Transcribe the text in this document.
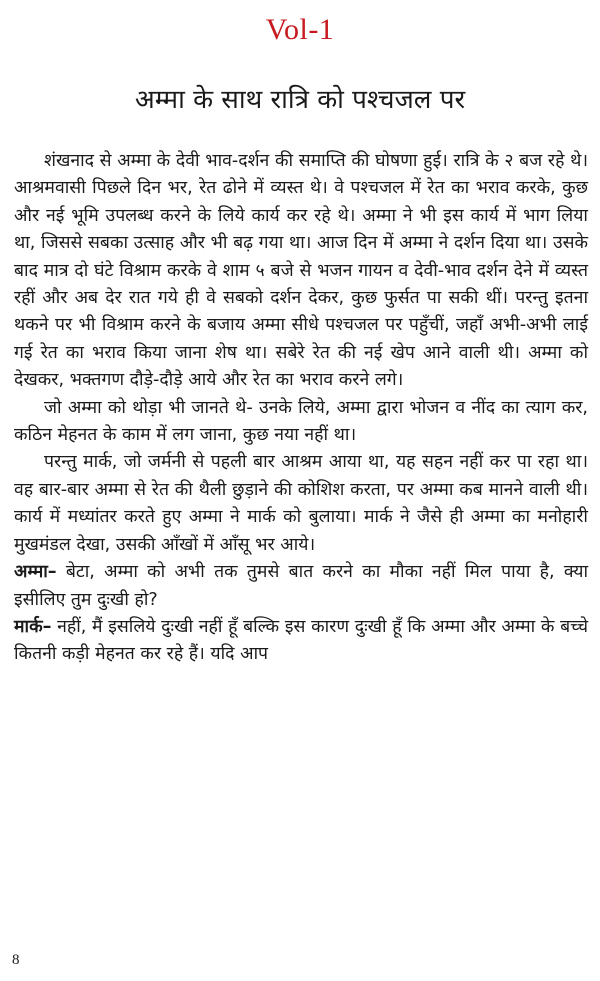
Vol-1
अम्मा के साथ रात्रि को पश्चजल पर

शंखनाद से अम्मा के देवी भाव-दर्शन की समाप्ति की घोषणा हुई। रात्रि के २ बज रहे थे। आश्रमवासी पिछले दिन भर, रेत ढोने में व्यस्त थे। वे पश्चजल में रेत का भराव करके, कुछ और नई भूमि उपलब्ध करने के लिये कार्य कर रहे थे। अम्मा ने भी इस कार्य में भाग लिया था, जिससे सबका उत्साह और भी बढ़ गया था। आज दिन में अम्मा ने दर्शन दिया था। उसके बाद मात्र दो घंटे विश्राम करके वे शाम ५ बजे से भजन गायन व देवी-भाव दर्शन देने में व्यस्त रहीं और अब देर रात गये ही वे सबको दर्शन देकर, कुछ फुर्सत पा सकी थीं। परन्तु इतना थकने पर भी विश्राम करने के बजाय अम्मा सीधे पश्चजल पर पहुँचीं, जहाँ अभी-अभी लाई गई रेत का भराव किया जाना शेष था। सबेरे रेत की नई खेप आने वाली थी। अम्मा को देखकर, भक्तगण दौड़े-दौड़े आये और रेत का भराव करने लगे।

जो अम्मा को थोड़ा भी जानते थे- उनके लिये, अम्मा द्वारा भोजन व नींद का त्याग कर, कठिन मेहनत के काम में लग जाना, कुछ नया नहीं था।

परन्तु मार्क, जो जर्मनी से पहली बार आश्रम आया था, यह सहन नहीं कर पा रहा था। वह बार-बार अम्मा से रेत की थैली छुड़ाने की कोशिश करता, पर अम्मा कब मानने वाली थी। कार्य में मध्यांतर करते हुए अम्मा ने मार्क को बुलाया। मार्क ने जैसे ही अम्मा का मनोहारी मुखमंडल देखा, उसकी आँखों में आँसू भर आये।

अम्मा– बेटा, अम्मा को अभी तक तुमसे बात करने का मौका नहीं मिल पाया है, क्या इसीलिए तुम दुःखी हो?

मार्क– नहीं, मैं इसलिये दुःखी नहीं हूँ बल्कि इस कारण दुःखी हूँ कि अम्मा और अम्मा के बच्चे कितनी कड़ी मेहनत कर रहे हैं। यदि आप

8
